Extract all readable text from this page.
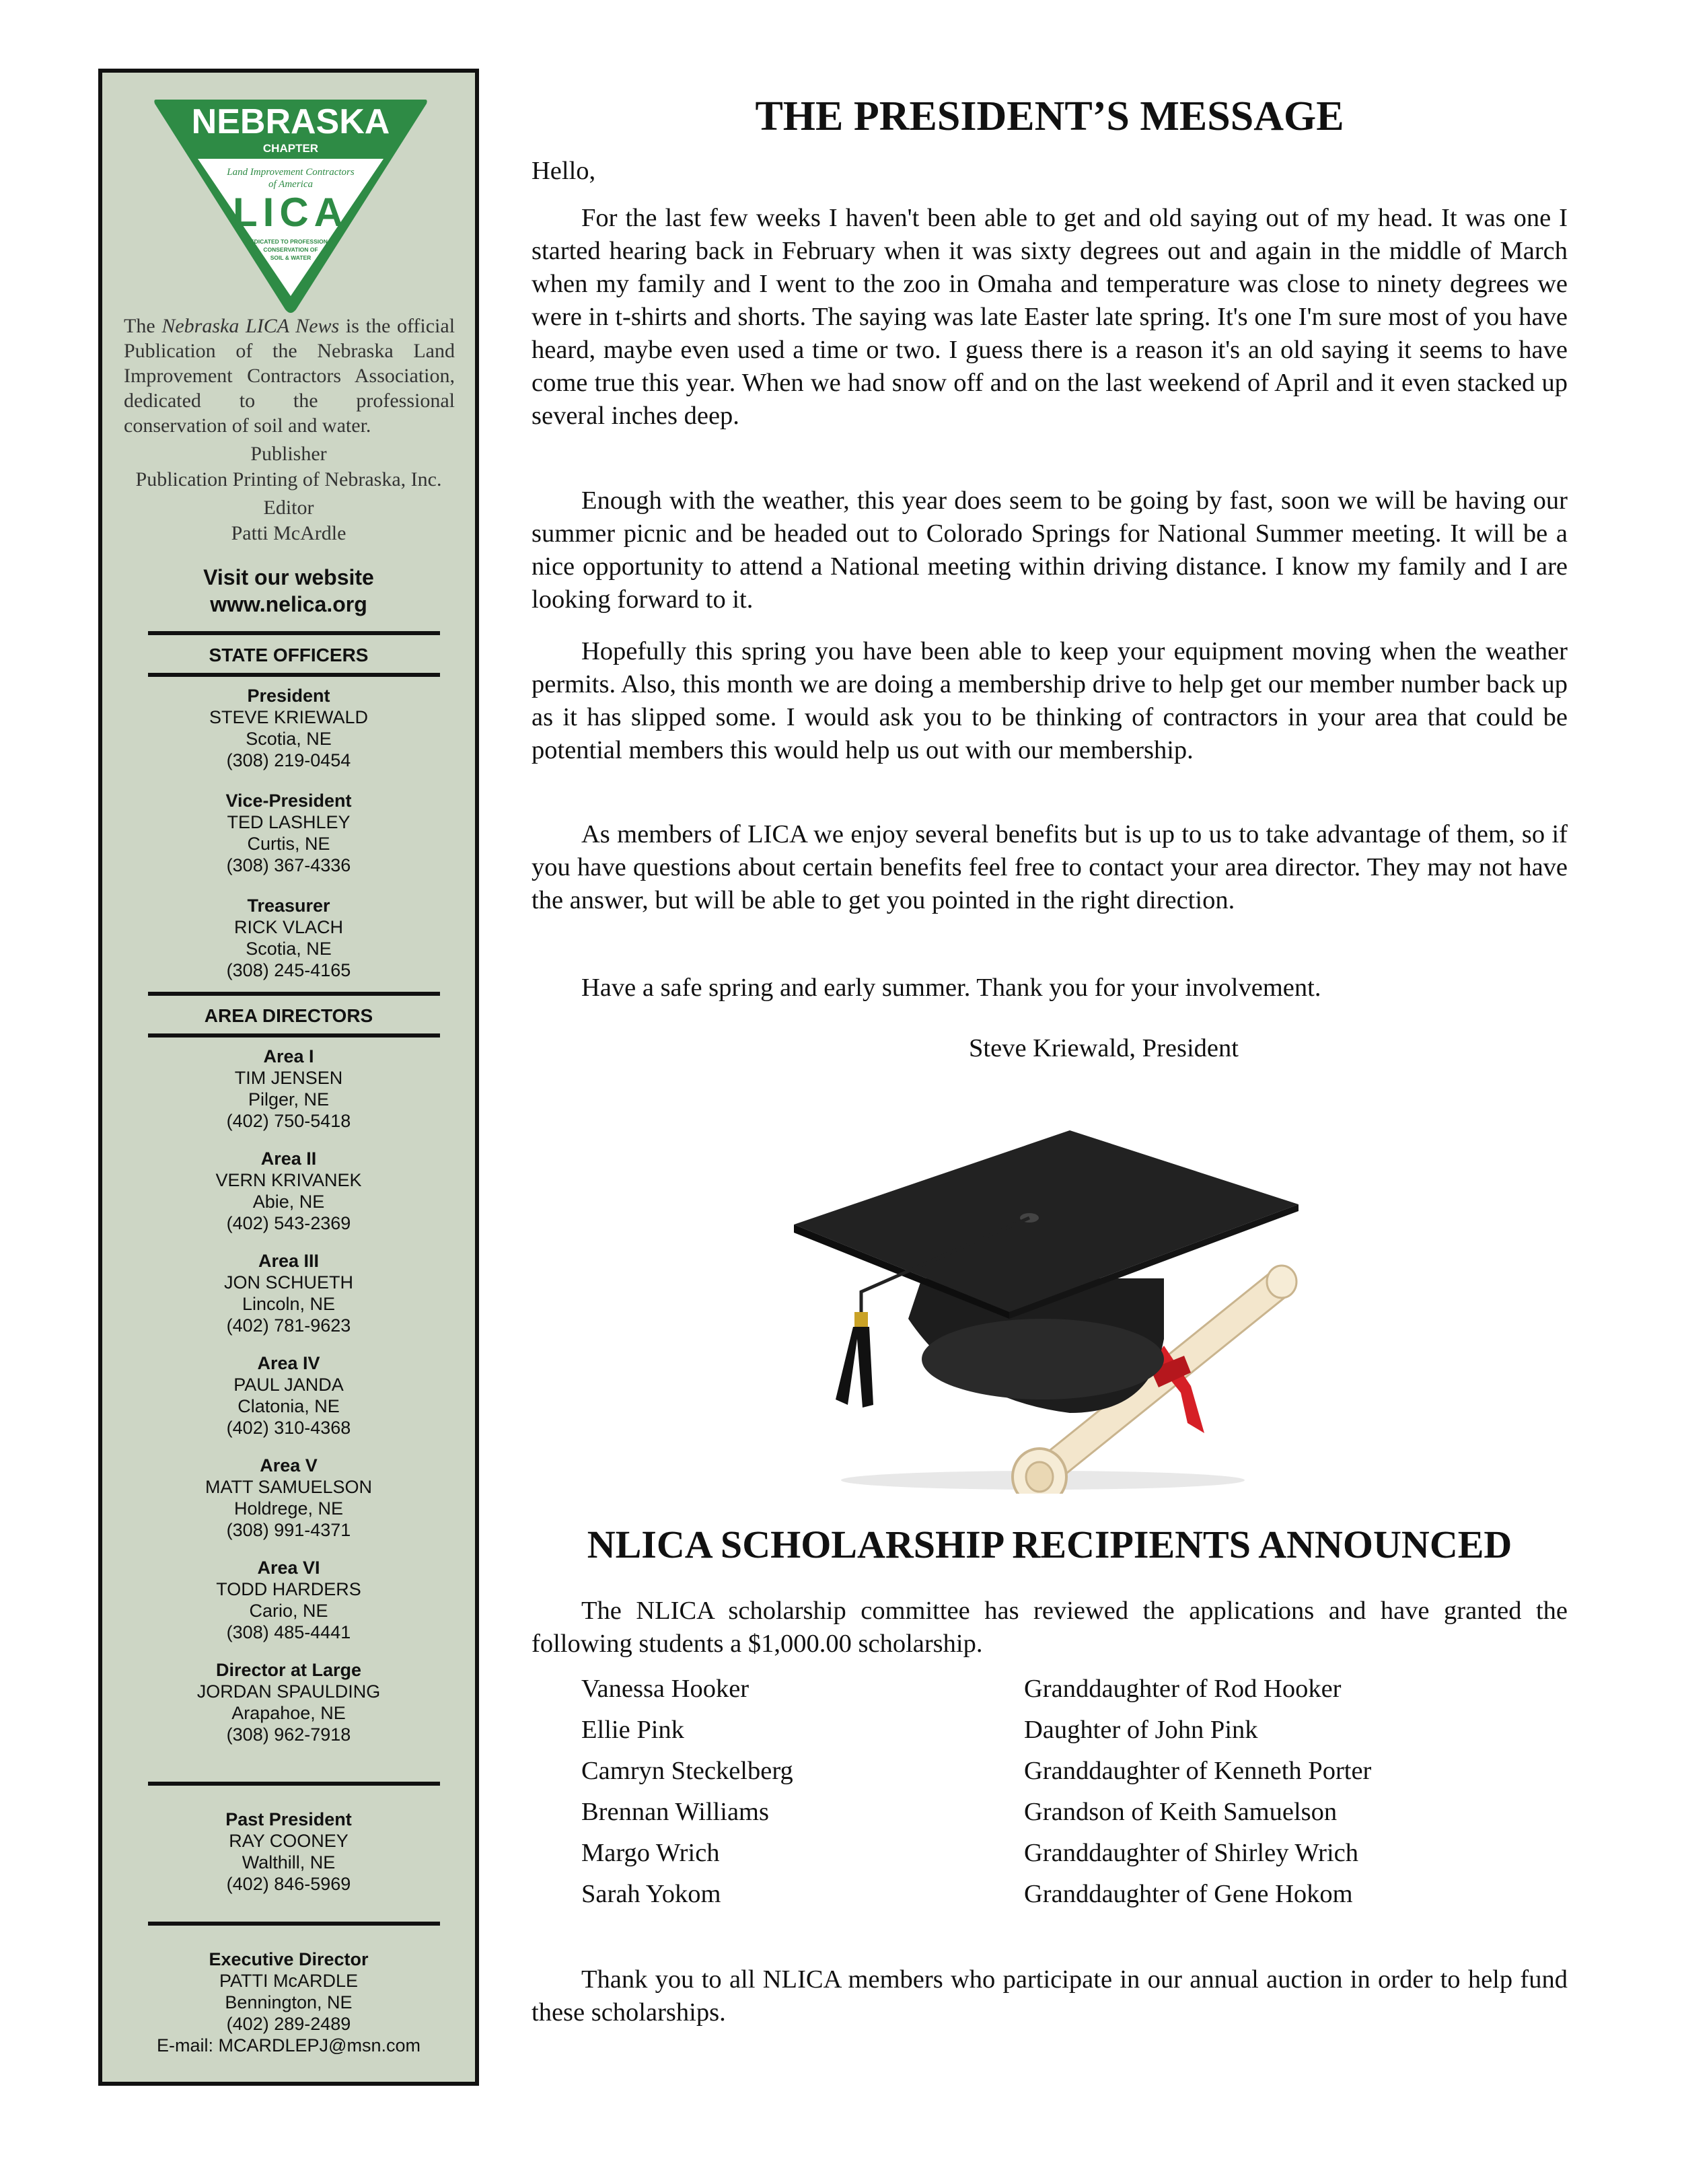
NEBRASKA
CHAPTER
Land Improvement Contractors
of America
LICA
DEDICATED TO PROFESSIONAL
CONSERVATION OF
SOIL & WATER
The Nebraska LICA News is the official Publication of the Nebraska Land Improvement Contractors Association, dedicated to the professional conservation of soil and water.
Publisher
Publication Printing of Nebraska, Inc.
Editor
Patti McArdle
Visit our website
www.nelica.org
STATE OFFICERS
President
STEVE KRIEWALD
Scotia, NE
(308) 219-0454
Vice-President
TED LASHLEY
Curtis, NE
(308) 367-4336
Treasurer
RICK VLACH
Scotia, NE
(308) 245-4165
AREA DIRECTORS
Area I
TIM JENSEN
Pilger, NE
(402) 750-5418
Area II
VERN KRIVANEK
Abie, NE
(402) 543-2369
Area III
JON SCHUETH
Lincoln, NE
(402) 781-9623
Area IV
PAUL JANDA
Clatonia, NE
(402) 310-4368
Area V
MATT SAMUELSON
Holdrege, NE
(308) 991-4371
Area VI
TODD HARDERS
Cario, NE
(308) 485-4441
Director at Large
JORDAN SPAULDING
Arapahoe, NE
(308) 962-7918
Past President
RAY COONEY
Walthill, NE
(402) 846-5969
Executive Director
PATTI McARDLE
Bennington, NE
(402) 289-2489
E-mail: MCARDLEPJ@msn.com
THE PRESIDENT’S MESSAGE

Hello,

For the last few weeks I haven't been able to get and old saying out of my head. It was one I started hearing back in February when it was sixty degrees out and again in the middle of March when my family and I went to the zoo in Omaha and temperature was close to ninety degrees we were in t-shirts and shorts. The saying was late Easter late spring. It's one I'm sure most of you have heard, maybe even used a time or two. I guess there is a reason it's an old saying it seems to have come true this year. When we had snow off and on the last weekend of April and it even stacked up several inches deep.

Enough with the weather, this year does seem to be going by fast, soon we will be having our summer picnic and be headed out to Colorado Springs for National Summer meeting. It will be a nice opportunity to attend a National meeting within driving distance. I know my family and I are looking forward to it.

Hopefully this spring you have been able to keep your equipment moving when the weather permits. Also, this month we are doing a membership drive to help get our member number back up as it has slipped some. I would ask you to be thinking of contractors in your area that could be potential members this would help us out with our membership.

As members of LICA we enjoy several benefits but is up to us to take advantage of them, so if you have questions about certain benefits feel free to contact your area director. They may not have the answer, but will be able to get you pointed in the right direction.

Have a safe spring and early summer. Thank you for your involvement.

Steve Kriewald, President
NLICA SCHOLARSHIP RECIPIENTS ANNOUNCED

The NLICA scholarship committee has reviewed the applications and have granted the following students a $1,000.00 scholarship.

Vanessa Hooker	Granddaughter of Rod Hooker
Ellie Pink	Daughter of John Pink
Camryn Steckelberg	Granddaughter of Kenneth Porter
Brennan Williams	Grandson of Keith Samuelson
Margo Wrich	Granddaughter of Shirley Wrich
Sarah Yokom	Granddaughter of Gene Hokom

Thank you to all NLICA members who participate in our annual auction in order to help fund these scholarships.
